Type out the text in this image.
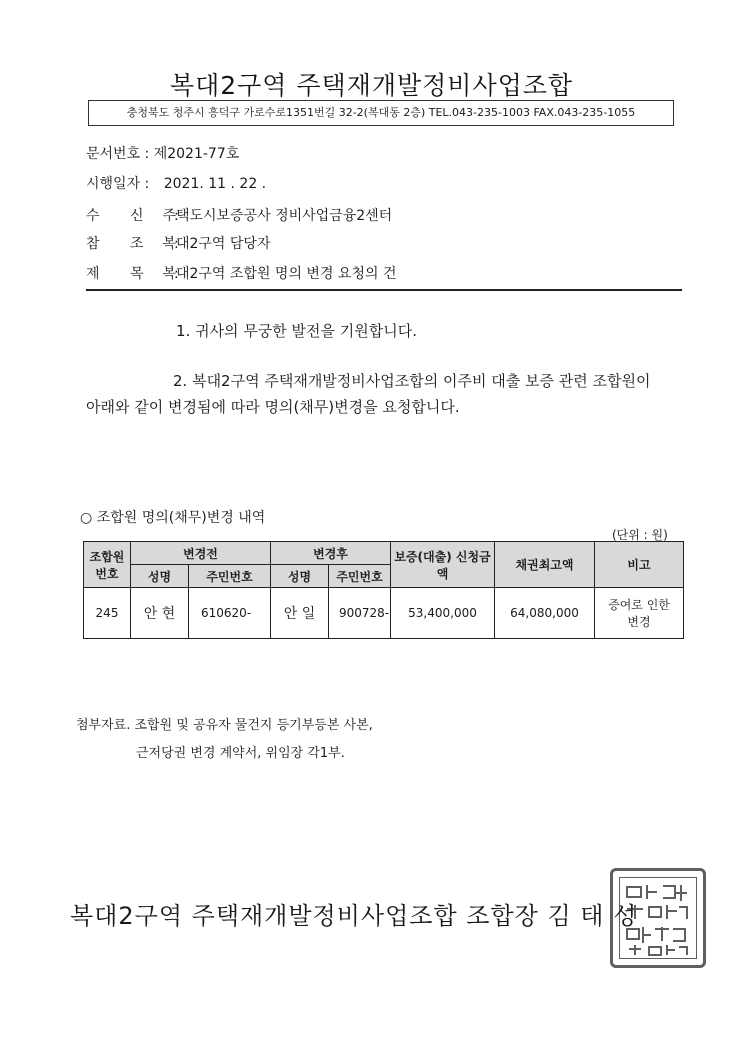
복대2구역 주택재개발정비사업조합
충청북도 청주시 흥덕구 가로수로1351번길 32-2(복대동 2층) TEL.043-235-1003 FAX.043-235-1055
문서번호 : 제2021-77호
시행일자 : 2021. 11 . 22 .
수 신 : 주택도시보증공사 정비사업금융2센터
참 조 : 복대2구역 담당자
제 목 : 복대2구역 조합원 명의 변경 요청의 건
1. 귀사의 무궁한 발전을 기원합니다.
2. 복대2구역 주택재개발정비사업조합의 이주비 대출 보증 관련 조합원이
아래와 같이 변경됨에 따라 명의(채무)변경을 요청합니다.
○ 조합원 명의(채무)변경 내역
(단위 : 원)
조합원 번호	변경전		변경후		보증(대출) 신청금액	채권최고액	비고
	성명	주민번호	성명	주민번호			
245	안 현	610620-	안 일	900728-	53,400,000	64,080,000	증여로 인한 변경
첨부자료. 조합원 및 공유자 물건지 등기부등본 사본,
근저당권 변경 계약서, 위임장 각1부.
복대2구역 주택재개발정비사업조합 조합장 김 태 성
